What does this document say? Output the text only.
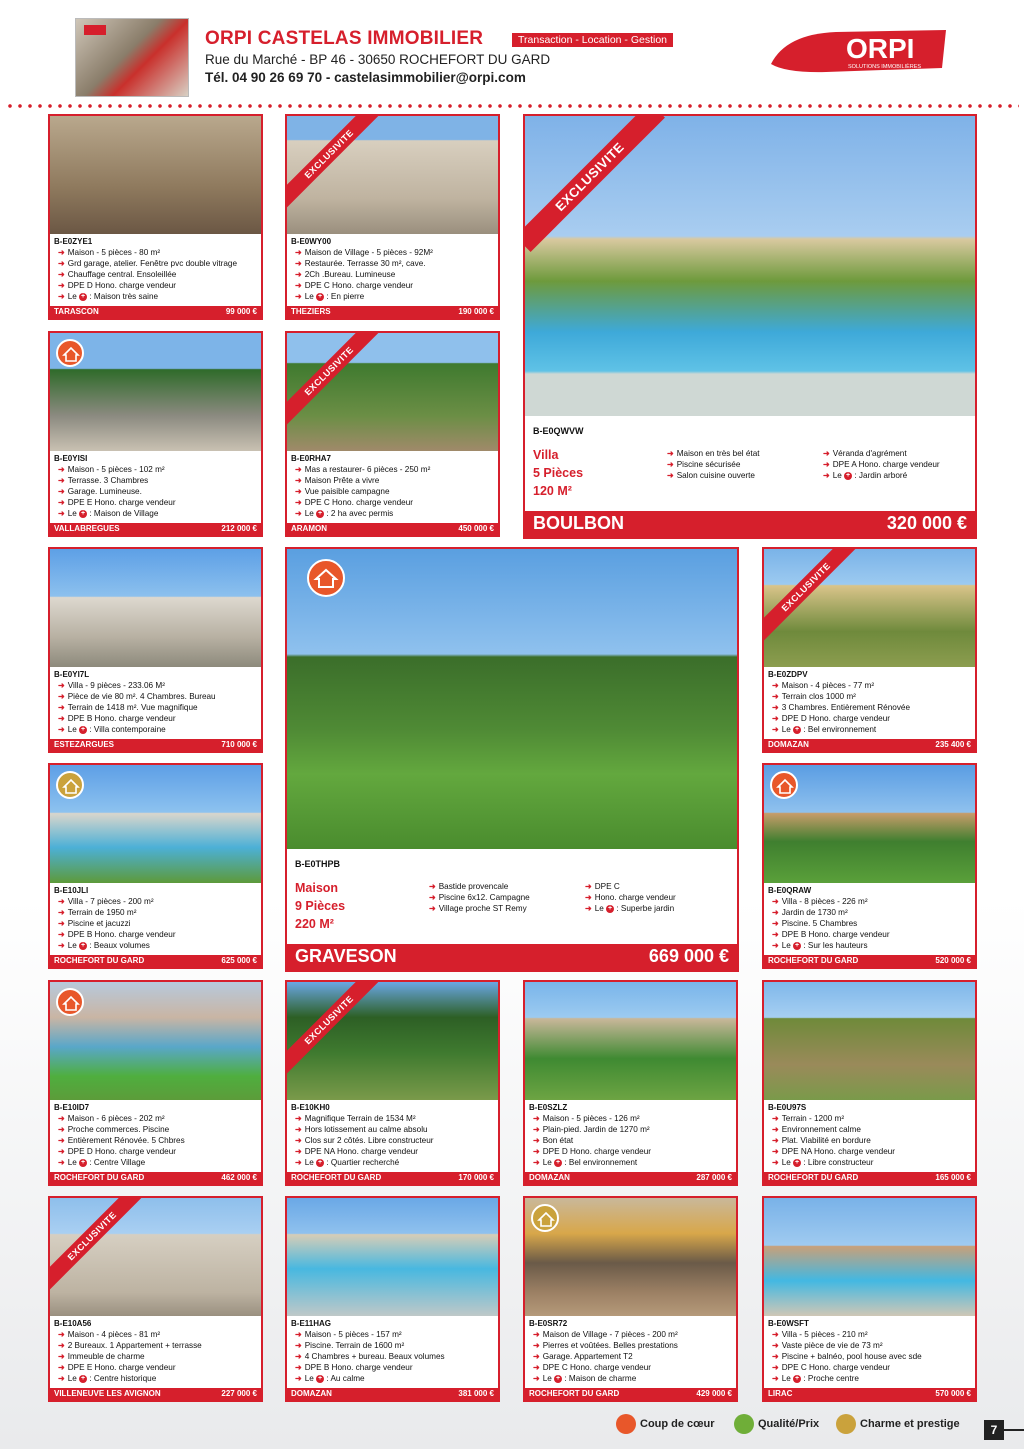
ORPI CASTELAS IMMOBILIER
Rue du Marché - BP 46 - 30650 ROCHEFORT DU GARD
Tél. 04 90 26 69 70 - castelasimmobilier@orpi.com
Transaction - Location - Gestion	ORPI
SOLUTIONS IMMOBILIÈRES
B-E0ZYE1
➜ Maison - 5 pièces - 80 m²
➜ Grd garage, atelier. Fenêtre pvc double vitrage
➜ Chauffage central. Ensoleillée
➜ DPE D Hono. charge vendeur
➜ Le + : Maison très saine
TARASCON	99 000 €
EXCLUSIVITE
B-E0WY00
➜ Maison de Village - 5 pièces - 92M²
➜ Restaurée. Terrasse 30 m², cave.
➜ 2Ch .Bureau. Lumineuse
➜ DPE C Hono. charge vendeur
➜ Le + : En pierre
THEZIERS	190 000 €
B-E0YISI
➜ Maison - 5 pièces - 102 m²
➜ Terrasse. 3 Chambres
➜ Garage. Lumineuse.
➜ DPE E Hono. charge vendeur
➜ Le + : Maison de Village
VALLABREGUES	212 000 €
EXCLUSIVITE
B-E0RHA7
➜ Mas a restaurer- 6 pièces - 250 m²
➜ Maison Prête a vivre
➜ Vue paisible campagne
➜ DPE C Hono. charge vendeur
➜ Le + : 2 ha avec permis
ARAMON	450 000 €
B-E0YI7L
➜ Villa - 9 pièces - 233.06 M²
➜ Pièce de vie 80 m². 4 Chambres. Bureau
➜ Terrain de 1418 m². Vue magnifique
➜ DPE B Hono. charge vendeur
➜ Le + : Villa contemporaine
ESTEZARGUES	710 000 €
EXCLUSIVITE
B-E0ZDPV
➜ Maison - 4 pièces - 77 m²
➜ Terrain clos 1000 m²
➜ 3 Chambres. Entièrement Rénovée
➜ DPE D Hono. charge vendeur
➜ Le + : Bel environnement
DOMAZAN	235 400 €
B-E10JLI
➜ Villa - 7 pièces - 200 m²
➜ Terrain de 1950 m²
➜ Piscine et jacuzzi
➜ DPE B Hono. charge vendeur
➜ Le + : Beaux volumes
ROCHEFORT DU GARD	625 000 €
B-E0QRAW
➜ Villa - 8 pièces - 226 m²
➜ Jardin de 1730 m²
➜ Piscine. 5 Chambres
➜ DPE B Hono. charge vendeur
➜ Le + : Sur les hauteurs
ROCHEFORT DU GARD	520 000 €
B-E10ID7
➜ Maison - 6 pièces - 202 m²
➜ Proche commerces. Piscine
➜ Entièrement Rénovée. 5 Chbres
➜ DPE D Hono. charge vendeur
➜ Le + : Centre Village
ROCHEFORT DU GARD	462 000 €
EXCLUSIVITE
B-E10KH0
➜ Magnifique Terrain de 1534 M²
➜ Hors lotissement au calme absolu
➜ Clos sur 2 côtés. Libre constructeur
➜ DPE NA Hono. charge vendeur
➜ Le + : Quartier recherché
ROCHEFORT DU GARD	170 000 €
B-E0SZLZ
➜ Maison - 5 pièces - 126 m²
➜ Plain-pied. Jardin de 1270 m²
➜ Bon état
➜ DPE D Hono. charge vendeur
➜ Le + : Bel environnement
DOMAZAN	287 000 €
B-E0U97S
➜ Terrain - 1200 m²
➜ Environnement calme
➜ Plat. Viabilité en bordure
➜ DPE NA Hono. charge vendeur
➜ Le + : Libre constructeur
ROCHEFORT DU GARD	165 000 €
EXCLUSIVITE
B-E10A56
➜ Maison - 4 pièces - 81 m²
➜ 2 Bureaux. 1 Appartement + terrasse
➜ Immeuble de charme
➜ DPE E Hono. charge vendeur
➜ Le + : Centre historique
VILLENEUVE LES AVIGNON	227 000 €
B-E11HAG
➜ Maison - 5 pièces - 157 m²
➜ Piscine. Terrain de 1600 m²
➜ 4 Chambres + bureau. Beaux volumes
➜ DPE B Hono. charge vendeur
➜ Le + : Au calme
DOMAZAN	381 000 €
B-E0SR72
➜ Maison de Village - 7 pièces - 200 m²
➜ Pierres et voûtées. Belles prestations
➜ Garage. Appartement T2
➜ DPE C Hono. charge vendeur
➜ Le + : Maison de charme
ROCHEFORT DU GARD	429 000 €
B-E0WSFT
➜ Villa - 5 pièces - 210 m²
➜ Vaste pièce de vie de 73 m²
➜ Piscine + balnéo, pool house avec sde
➜ DPE C Hono. charge vendeur
➜ Le + : Proche centre
LIRAC	570 000 €
EXCLUSIVITE
B-E0QWVW
Villa
5 Pièces
120 M²
➜ Maison en très bel état
➜ Piscine sécurisée
➜ Salon cuisine ouverte
➜ Véranda d'agrément
➜ DPE A Hono. charge vendeur
➜ Le + : Jardin arboré
BOULBON	320 000 €
B-E0THPB
Maison
9 Pièces
220 M²
➜ Bastide provencale
➜ Piscine 6x12. Campagne
➜ Village proche ST Remy
➜ DPE C
➜ Hono. charge vendeur
➜ Le + : Superbe jardin
GRAVESON	669 000 €
Coup de cœur	Qualité/Prix	Charme et prestige	7
